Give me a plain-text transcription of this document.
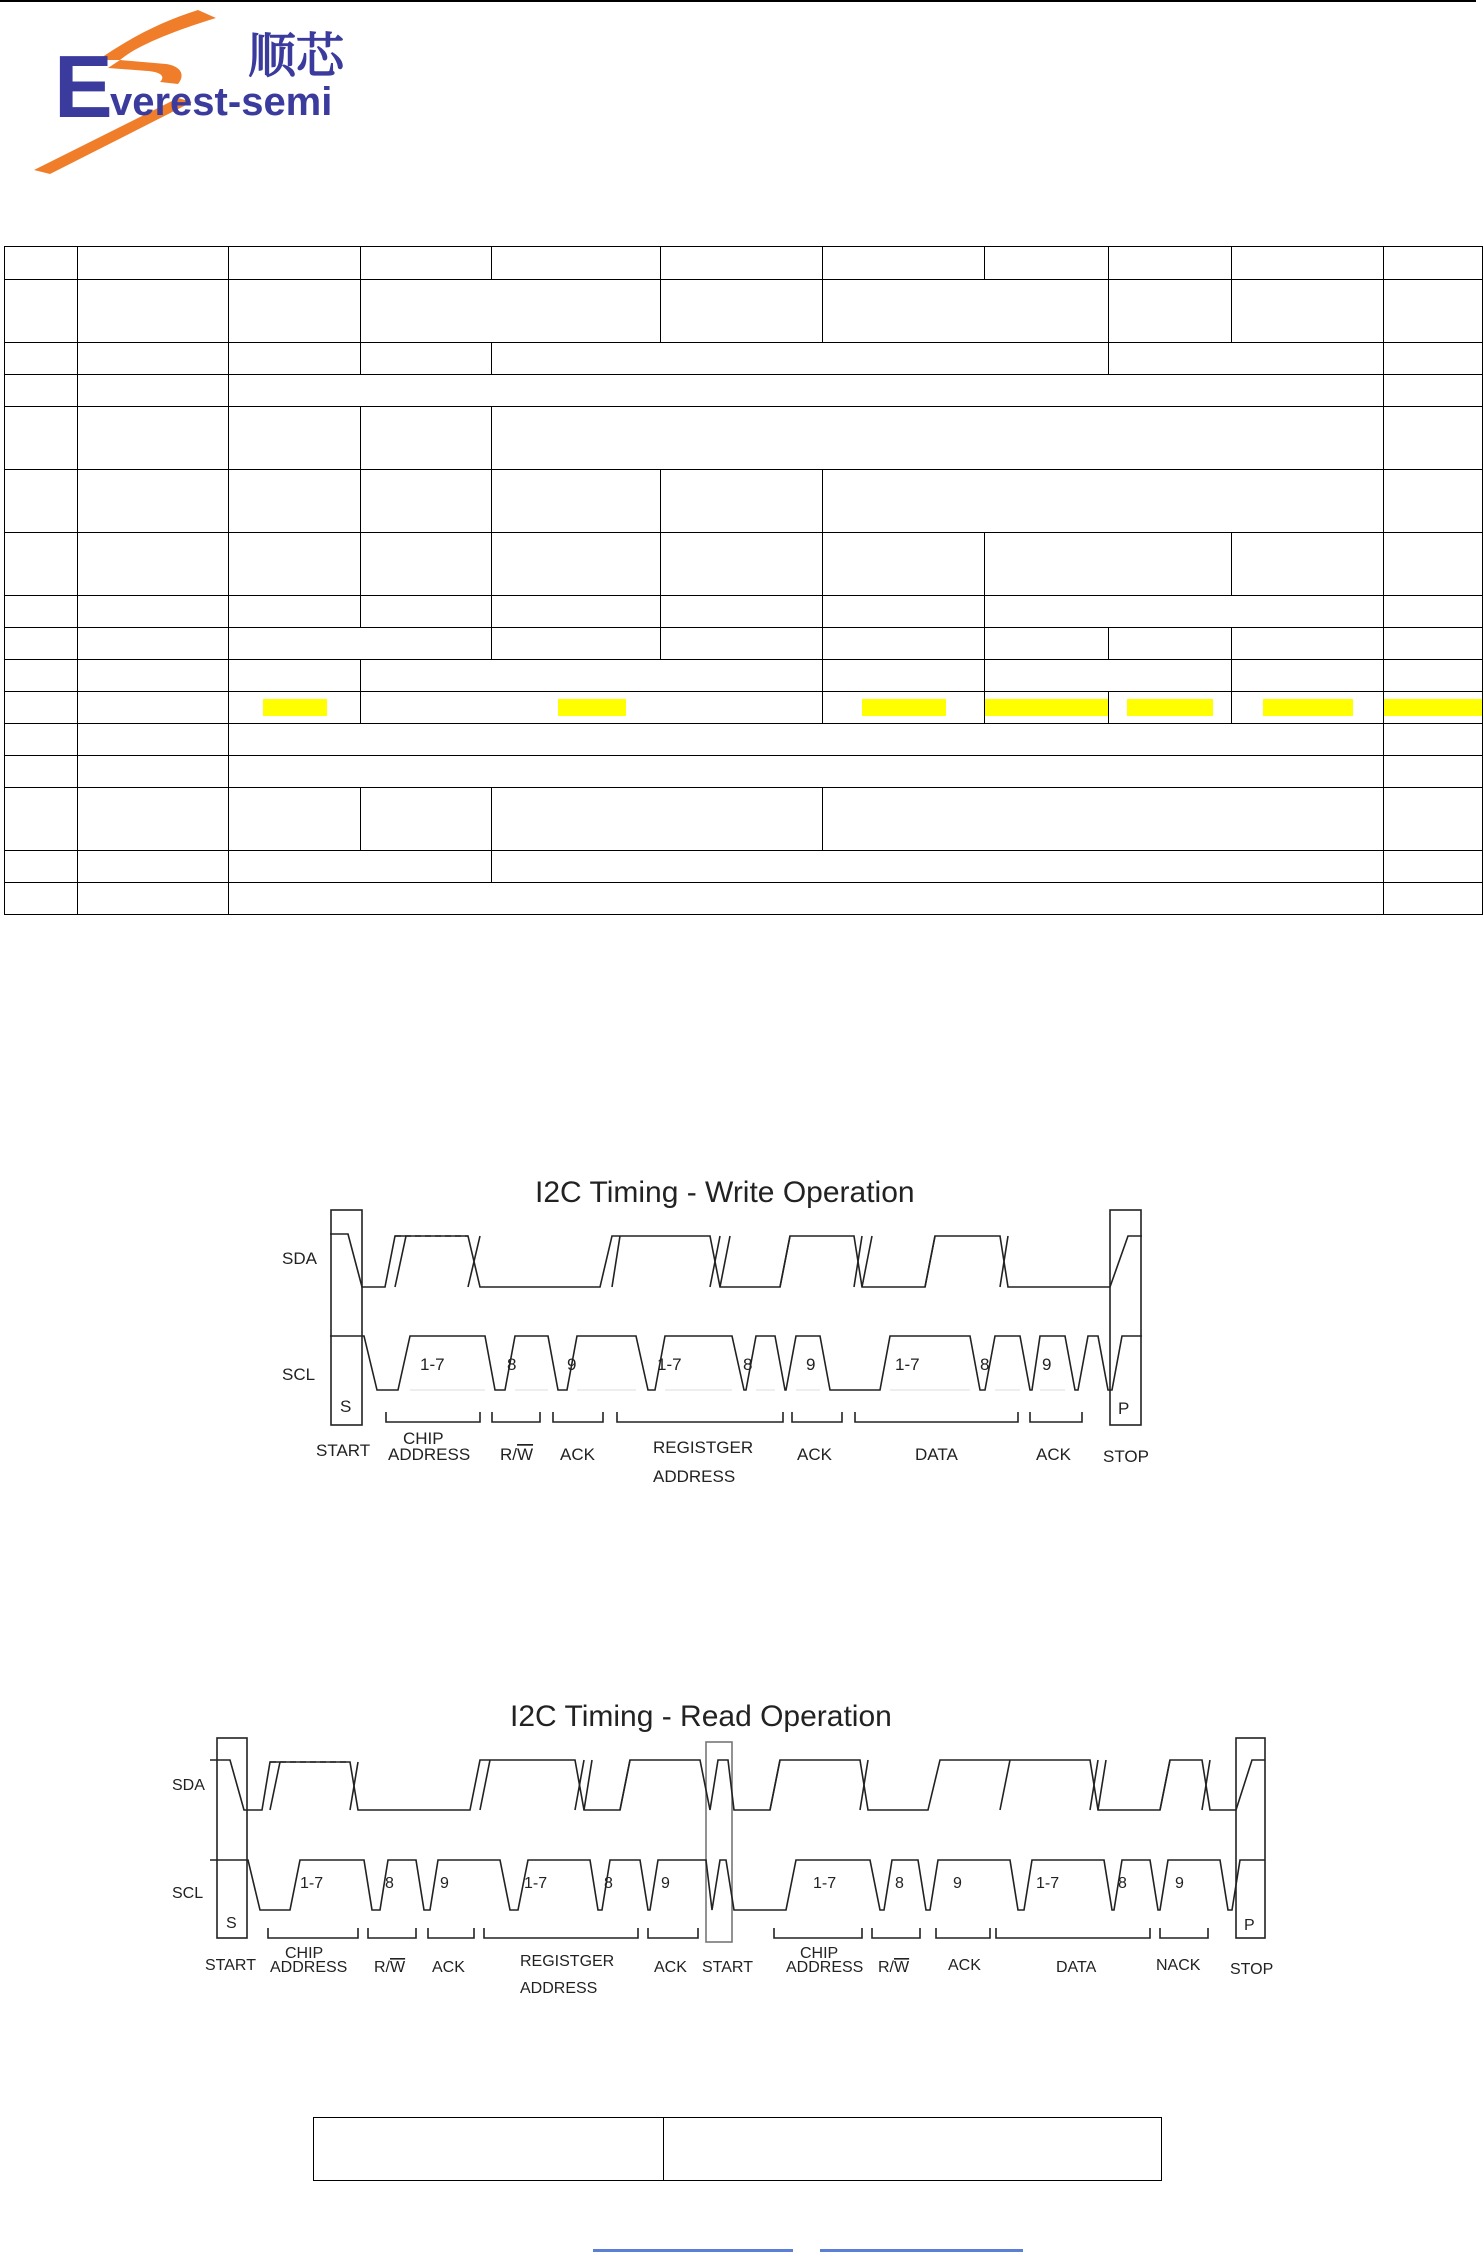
E
verest-semi
顺芯

I2C Timing - Write Operation
SDA
SCL
S	P
1-7	8	9	1-7	8	9	1-7	8	9
START
CHIP
ADDRESS R/W ACK	REGISTGER
ADDRESS
ACK	DATA	ACK STOP
I2C Timing - Read Operation
SDA
SCL
S	P
1-7	8	9	1-7	8	9	1-7	8	9	1-7	8	9
START
CHIP
ADDRESS R/W ACK	REGISTGER
ADDRESS
ACK START
CHIP
ADDRESS R/W ACK	DATA	NACK STOP
